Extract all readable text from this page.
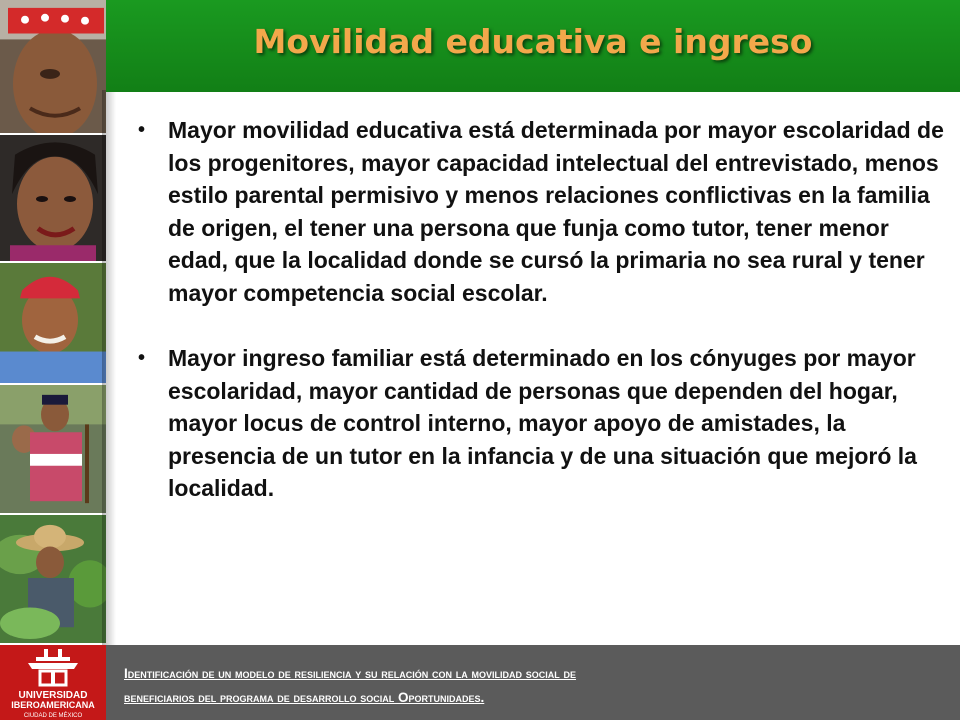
Movilidad educativa e ingreso
• Mayor movilidad educativa está determinada por mayor escolaridad de los progenitores, mayor capacidad intelectual del entrevistado, menos estilo parental permisivo y menos relaciones conflictivas en la familia de origen, el tener una persona que funja como tutor, tener menor edad, que la localidad donde se cursó la primaria no sea rural y tener mayor competencia social escolar.
• Mayor ingreso familiar está determinado en los cónyuges por mayor escolaridad, mayor cantidad de personas que dependen del hogar, mayor locus de control interno, mayor apoyo de amistades, la presencia de un tutor en la infancia y de una situación que mejoró la localidad.
UNIVERSIDAD
IBEROAMERICANA
CIUDAD DE MÉXICO
Identificación de un modelo de resiliencia y su relación con la movilidad social de
beneficiarios del programa de desarrollo social Oportunidades.
